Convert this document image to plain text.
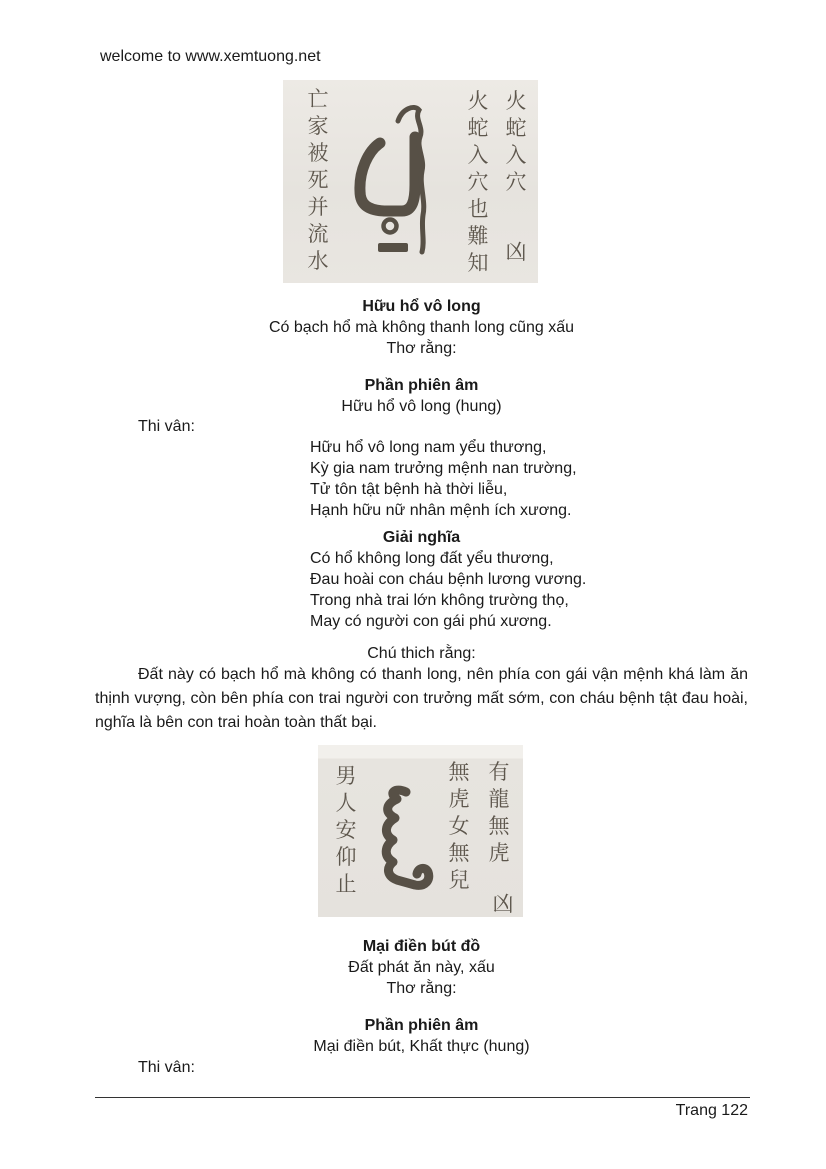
welcome to www.xemtuong.net
亡家被死并流水
火蛇入穴也難知
火蛇入穴
凶
Hữu hổ vô long
Có bạch hổ mà không thanh long cũng xấu
Thơ rằng:
Phần phiên âm
Hữu hổ vô long (hung)
Thi vân:
Hữu hổ vô long nam yểu thương,
Kỳ gia nam trưởng mệnh nan trường,
Tử tôn tật bệnh hà thời liễu,
Hạnh hữu nữ nhân mệnh ích xương.
Giải nghĩa
Có hổ không long đất yểu thương,
Đau hoài con cháu bệnh lương vương.
Trong nhà trai lớn không trường thọ,
May có người con gái phú xương.
Chú thich rằng:
Đất này có bạch hổ mà không có thanh long, nên phía con gái vận mệnh khá làm ăn thịnh vượng, còn bên phía con trai người con trưởng mất sớm, con cháu bệnh tật đau hoài, nghĩa là bên con trai hoàn toàn thất bại.
男人安仰止
無虎女無兒
有龍無虎
凶
Mại điền bút đồ
Đất phát ăn này, xấu
Thơ rằng:
Phần phiên âm
Mại điền bút, Khất thực (hung)
Thi vân:
Trang 122
